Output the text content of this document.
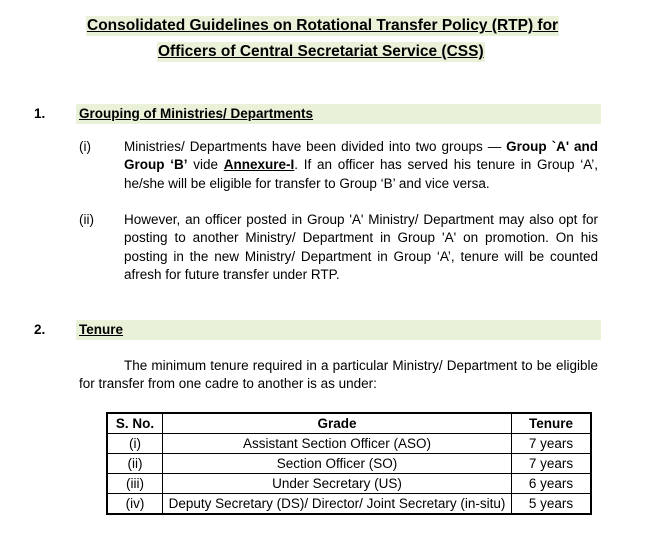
Consolidated Guidelines on Rotational Transfer Policy (RTP) for
Officers of Central Secretariat Service (CSS)
1. Grouping of Ministries/ Departments
(i) Ministries/ Departments have been divided into two groups — Group `A' and Group ‘B’ vide Annexure-I. If an officer has served his tenure in Group ‘A’, he/she will be eligible for transfer to Group ‘B’ and vice versa.
(ii) However, an officer posted in Group 'A' Ministry/ Department may also opt for posting to another Ministry/ Department in Group 'A' on promotion. On his posting in the new Ministry/ Department in Group ‘A’, tenure will be counted afresh for future transfer under RTP.
2. Tenure
The minimum tenure required in a particular Ministry/ Department to be eligible for transfer from one cadre to another is as under:
S. No.	Grade	Tenure
(i)	Assistant Section Officer (ASO)	7 years
(ii)	Section Officer (SO)	7 years
(iii)	Under Secretary (US)	6 years
(iv)	Deputy Secretary (DS)/ Director/ Joint Secretary (in-situ)	5 years
